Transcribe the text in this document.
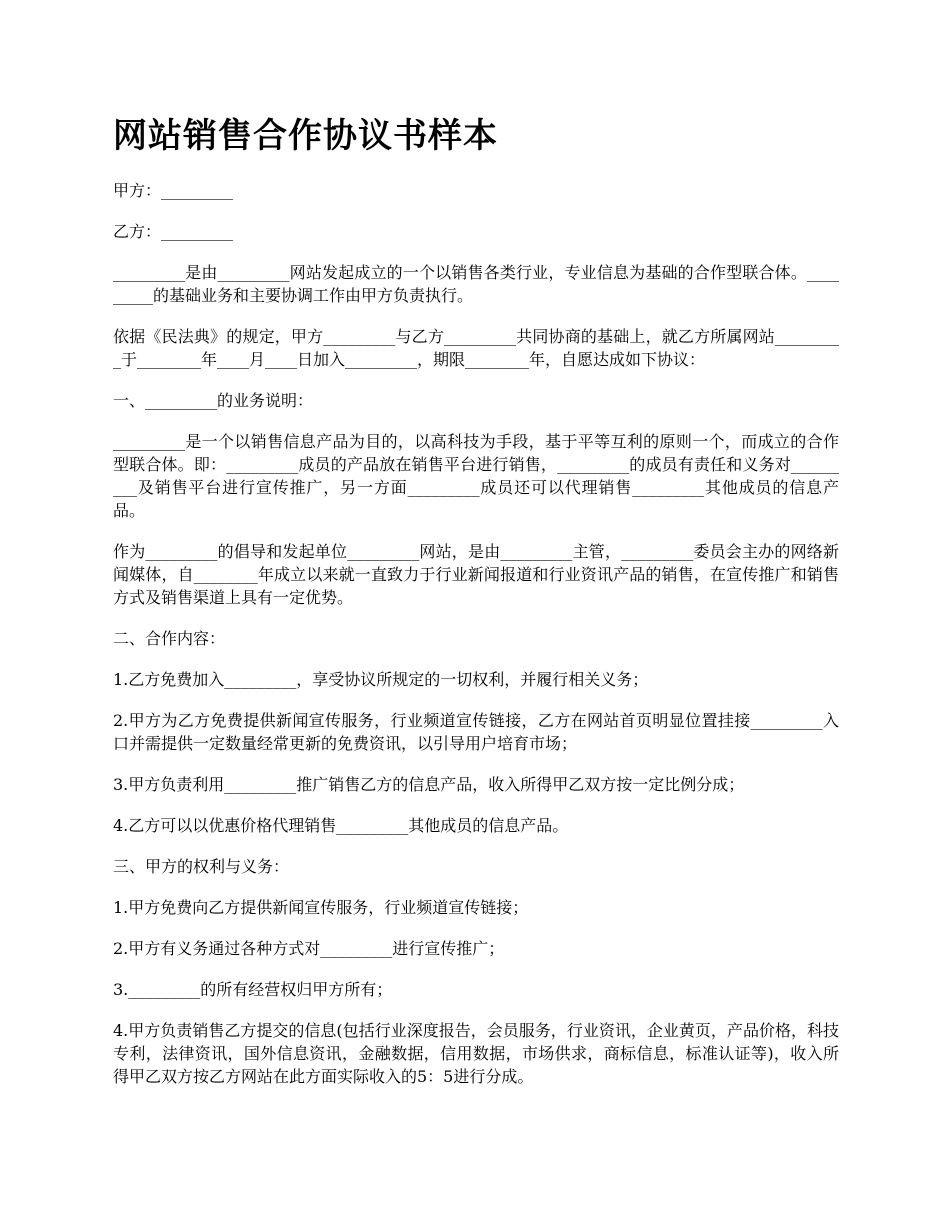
网站销售合作协议书样本

甲方：_________

乙方：_________

_________是由_________网站发起成立的一个以销售各类行业，专业信息为基础的合作型联合体。_________的基础业务和主要协调工作由甲方负责执行。

依据《民法典》的规定，甲方_________与乙方_________共同协商的基础上，就乙方所属网站_________于________年____月____日加入_________，期限________年，自愿达成如下协议：

一、_________的业务说明：

_________是一个以销售信息产品为目的，以高科技为手段，基于平等互利的原则一个，而成立的合作型联合体。即：_________成员的产品放在销售平台进行销售，_________的成员有责任和义务对_________及销售平台进行宣传推广，另一方面_________成员还可以代理销售_________其他成员的信息产品。

作为_________的倡导和发起单位_________网站，是由_________主管，_________委员会主办的网络新闻媒体，自________年成立以来就一直致力于行业新闻报道和行业资讯产品的销售，在宣传推广和销售方式及销售渠道上具有一定优势。

二、合作内容：

1.乙方免费加入_________，享受协议所规定的一切权利，并履行相关义务；

2.甲方为乙方免费提供新闻宣传服务，行业频道宣传链接，乙方在网站首页明显位置挂接_________入口并需提供一定数量经常更新的免费资讯，以引导用户培育市场；

3.甲方负责利用_________推广销售乙方的信息产品，收入所得甲乙双方按一定比例分成；

4.乙方可以以优惠价格代理销售_________其他成员的信息产品。

三、甲方的权利与义务：

1.甲方免费向乙方提供新闻宣传服务，行业频道宣传链接；

2.甲方有义务通过各种方式对_________进行宣传推广；

3._________的所有经营权归甲方所有；

4.甲方负责销售乙方提交的信息(包括行业深度报告，会员服务，行业资讯，企业黄页，产品价格，科技专利，法律资讯，国外信息资讯，金融数据，信用数据，市场供求，商标信息，标准认证等)，收入所得甲乙双方按乙方网站在此方面实际收入的5：5进行分成。
